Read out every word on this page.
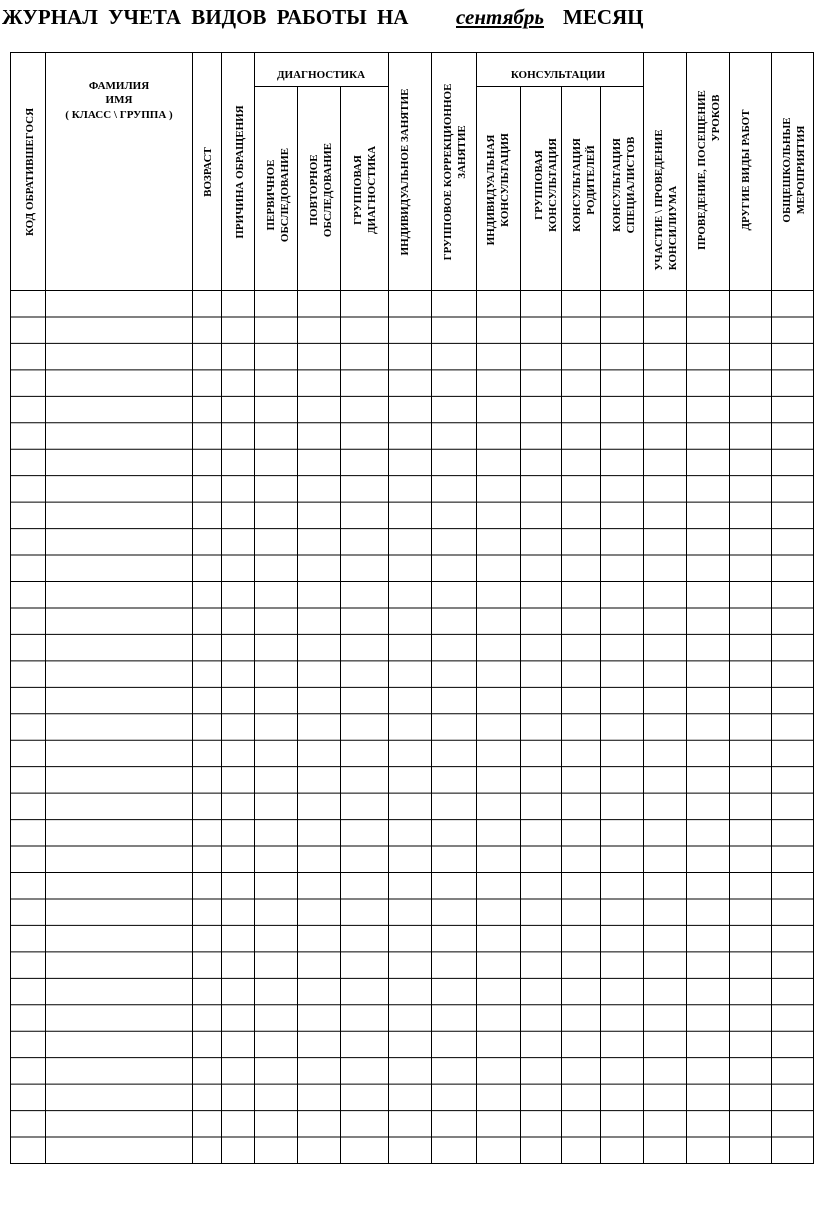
ЖУРНАЛ УЧЕТА ВИДОВ РАБОТЫ НА сентябрь МЕСЯЦ
КОД ОБРАТИВШЕГОСЯ
ФАМИЛИЯ
ИМЯ
( КЛАСС \ ГРУППА )
ВОЗРАСТ ПРИЧИНА ОБРАЩЕНИЯ
ДИАГНОСТИКА
ПЕРВИЧНОЕ ОБСЛЕДОВАНИЕ ПОВТОРНОЕ ОБСЛЕДОВАНИЕ ГРУППОВАЯ ДИАГНОСТИКА ИНДИВИДУАЛЬНОЕ ЗАНЯТИЕ	ГРУППОВОЕ КОРРЕКЦИОННОЕ ЗАНЯТИЕ
КОНСУЛЬТАЦИИ
ИНДИВИДУАЛЬНАЯ КОНСУЛЬТАЦИЯ ГРУППОВАЯ КОНСУЛЬТАЦИЯ КОНСУЛЬТАЦИЯ РОДИТЕЛЕЙ КОНСУЛЬТАЦИЯ СПЕЦИАЛИСТОВ УЧАСТИЕ \ ПРОВЕДЕНИЕ КОНСИЛИУМА ПРОВЕДЕНИЕ, ПОСЕЩЕНИЕ УРОКОВ ДРУГИЕ ВИДЫ РАБОТ	ОБЩЕШКОЛЬНЫЕ МЕРОПРИЯТИЯ
